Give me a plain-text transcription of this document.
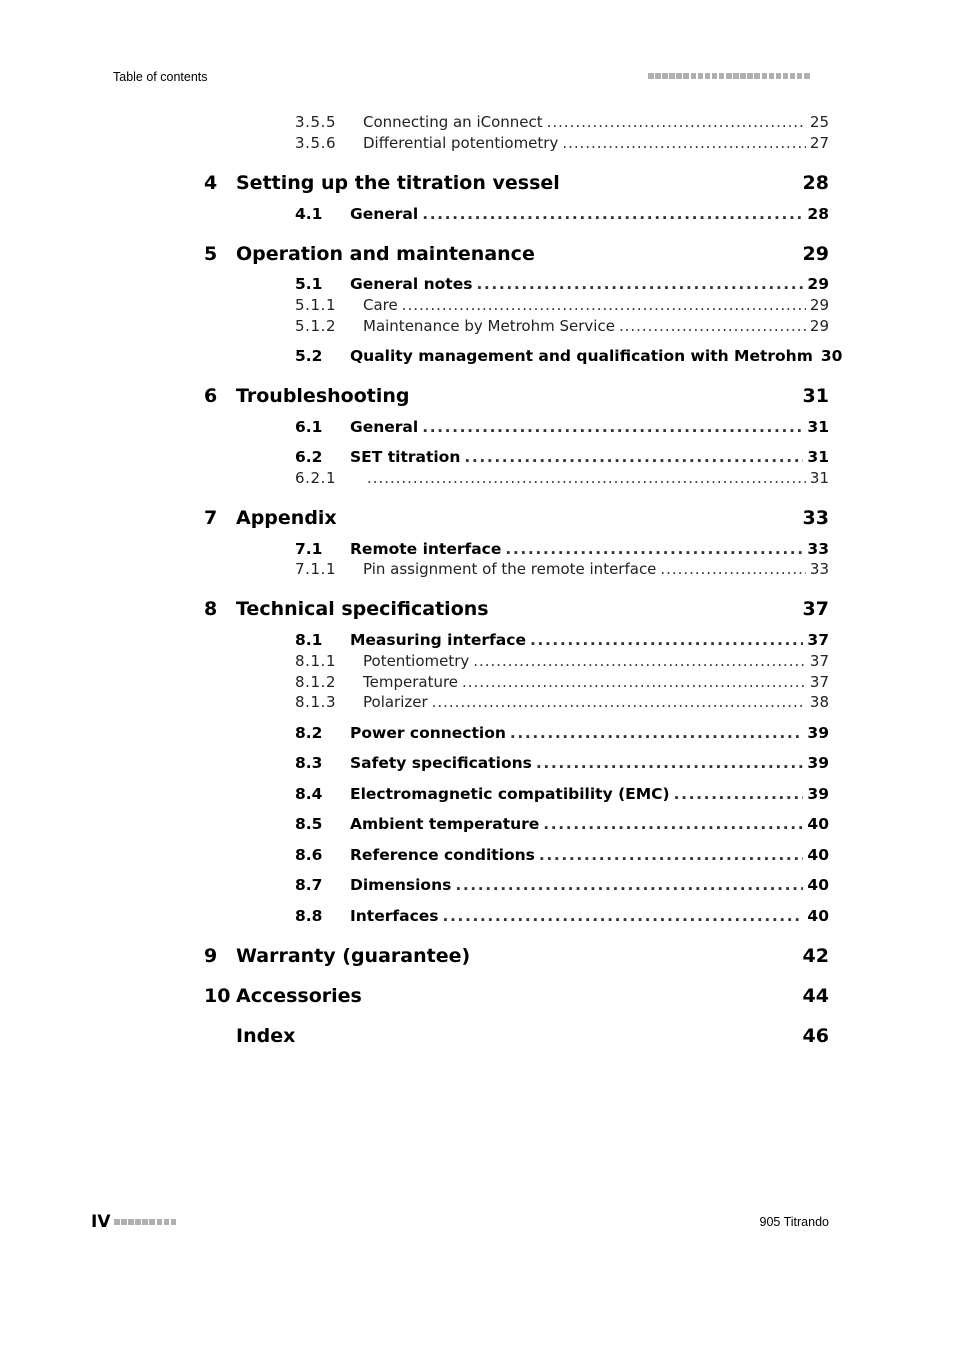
Table of contents
3.5.5 Connecting an iConnect . . .	25
3.5.6 Differential potentiometry . . .	27
4 Setting up the titration vessel	28
4.1 General . . .	28
5 Operation and maintenance	29
5.1 General notes . . .	29
5.1.1 Care . . .	29
5.1.2 Maintenance by Metrohm Service . . .	29
5.2 Quality management and qualification with Metrohm 30
6 Troubleshooting	31
6.1 General . . .	31
6.2 SET titration . . .	31
6.2.1 . . .	31
7 Appendix	33
7.1 Remote interface . . .	33
7.1.1 Pin assignment of the remote interface . . .	33
8 Technical specifications	37
8.1 Measuring interface . . .	37
8.1.1 Potentiometry . . .	37
8.1.2 Temperature . . .	37
8.1.3 Polarizer . . .	38
8.2 Power connection . . .	39
8.3 Safety specifications . . .	39
8.4 Electromagnetic compatibility (EMC) . . .	39
8.5 Ambient temperature . . .	40
8.6 Reference conditions . . .	40
8.7 Dimensions . . .	40
8.8 Interfaces . . .	40
9 Warranty (guarantee)	42
10 Accessories	44
Index	46
IV	905 Titrando
